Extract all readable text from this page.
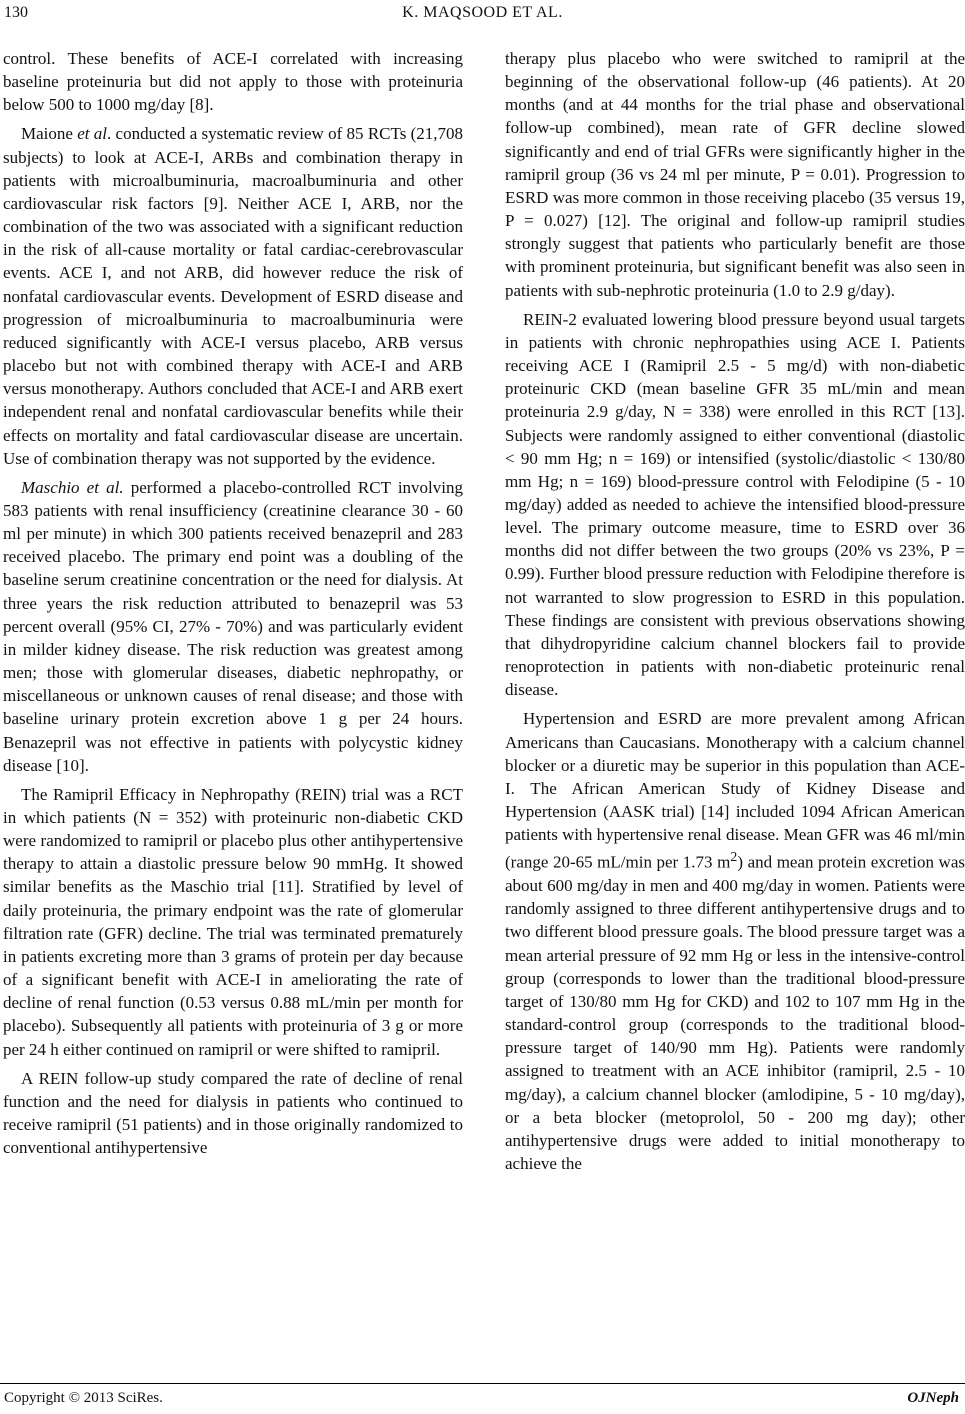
130	K. MAQSOOD ET AL.

control. These benefits of ACE-I correlated with increasing baseline proteinuria but did not apply to those with proteinuria below 500 to 1000 mg/day [8].

Maione et al. conducted a systematic review of 85 RCTs (21,708 subjects) to look at ACE-I, ARBs and combination therapy in patients with microalbuminuria, macroalbuminuria and other cardiovascular risk factors [9]. Neither ACE I, ARB, nor the combination of the two was associated with a significant reduction in the risk of all-cause mortality or fatal cardiac-cerebrovascular events. ACE I, and not ARB, did however reduce the risk of nonfatal cardiovascular events. Development of ESRD disease and progression of microalbuminuria to macroalbuminuria were reduced significantly with ACE-I versus placebo, ARB versus placebo but not with combined therapy with ACE-I and ARB versus monotherapy. Authors concluded that ACE-I and ARB exert independent renal and nonfatal cardiovascular benefits while their effects on mortality and fatal cardiovascular disease are uncertain. Use of combination therapy was not supported by the evidence.

Maschio et al. performed a placebo-controlled RCT involving 583 patients with renal insufficiency (creatinine clearance 30 - 60 ml per minute) in which 300 patients received benazepril and 283 received placebo. The primary end point was a doubling of the baseline serum creatinine concentration or the need for dialysis. At three years the risk reduction attributed to benazepril was 53 percent overall (95% CI, 27% - 70%) and was particularly evident in milder kidney disease. The risk reduction was greatest among men; those with glomerular diseases, diabetic nephropathy, or miscellaneous or unknown causes of renal disease; and those with baseline urinary protein excretion above 1 g per 24 hours. Benazepril was not effective in patients with polycystic kidney disease [10].

The Ramipril Efficacy in Nephropathy (REIN) trial was a RCT in which patients (N = 352) with proteinuric non-diabetic CKD were randomized to ramipril or placebo plus other antihypertensive therapy to attain a diastolic pressure below 90 mmHg. It showed similar benefits as the Maschio trial [11]. Stratified by level of daily proteinuria, the primary endpoint was the rate of glomerular filtration rate (GFR) decline. The trial was terminated prematurely in patients excreting more than 3 grams of protein per day because of a significant benefit with ACE-I in ameliorating the rate of decline of renal function (0.53 versus 0.88 mL/min per month for placebo). Subsequently all patients with proteinuria of 3 g or more per 24 h either continued on ramipril or were shifted to ramipril.

A REIN follow-up study compared the rate of decline of renal function and the need for dialysis in patients who continued to receive ramipril (51 patients) and in those originally randomized to conventional antihypertensive

therapy plus placebo who were switched to ramipril at the beginning of the observational follow-up (46 patients). At 20 months (and at 44 months for the trial phase and observational follow-up combined), mean rate of GFR decline slowed significantly and end of trial GFRs were significantly higher in the ramipril group (36 vs 24 ml per minute, P = 0.01). Progression to ESRD was more common in those receiving placebo (35 versus 19, P = 0.027) [12]. The original and follow-up ramipril studies strongly suggest that patients who particularly benefit are those with prominent proteinuria, but significant benefit was also seen in patients with sub-nephrotic proteinuria (1.0 to 2.9 g/day).

REIN-2 evaluated lowering blood pressure beyond usual targets in patients with chronic nephropathies using ACE I. Patients receiving ACE I (Ramipril 2.5 - 5 mg/d) with non-diabetic proteinuric CKD (mean baseline GFR 35 mL/min and mean proteinuria 2.9 g/day, N = 338) were enrolled in this RCT [13]. Subjects were randomly assigned to either conventional (diastolic < 90 mm Hg; n = 169) or intensified (systolic/diastolic < 130/80 mm Hg; n = 169) blood-pressure control with Felodipine (5 - 10 mg/day) added as needed to achieve the intensified blood-pressure level. The primary outcome measure, time to ESRD over 36 months did not differ between the two groups (20% vs 23%, P = 0.99). Further blood pressure reduction with Felodipine therefore is not warranted to slow progression to ESRD in this population. These findings are consistent with previous observations showing that dihydropyridine calcium channel blockers fail to provide renoprotection in patients with non-diabetic proteinuric renal disease.

Hypertension and ESRD are more prevalent among African Americans than Caucasians. Monotherapy with a calcium channel blocker or a diuretic may be superior in this population than ACE-I. The African American Study of Kidney Disease and Hypertension (AASK trial) [14] included 1094 African American patients with hypertensive renal disease. Mean GFR was 46 ml/min (range 20-65 mL/min per 1.73 $m^2$) and mean protein excretion was about 600 mg/day in men and 400 mg/day in women. Patients were randomly assigned to three different antihypertensive drugs and to two different blood pressure goals. The blood pressure target was a mean arterial pressure of 92 mm Hg or less in the intensive-control group (corresponds to lower than the traditional blood-pressure target of 130/80 mm Hg for CKD) and 102 to 107 mm Hg in the standard-control group (corresponds to the traditional blood-pressure target of 140/90 mm Hg). Patients were randomly assigned to treatment with an ACE inhibitor (ramipril, 2.5 - 10 mg/day), a calcium channel blocker (amlodipine, 5 - 10 mg/day), or a beta blocker (metoprolol, 50 - 200 mg day); other antihypertensive drugs were added to initial monotherapy to achieve the

Copyright © 2013 SciRes.	OJNeph
